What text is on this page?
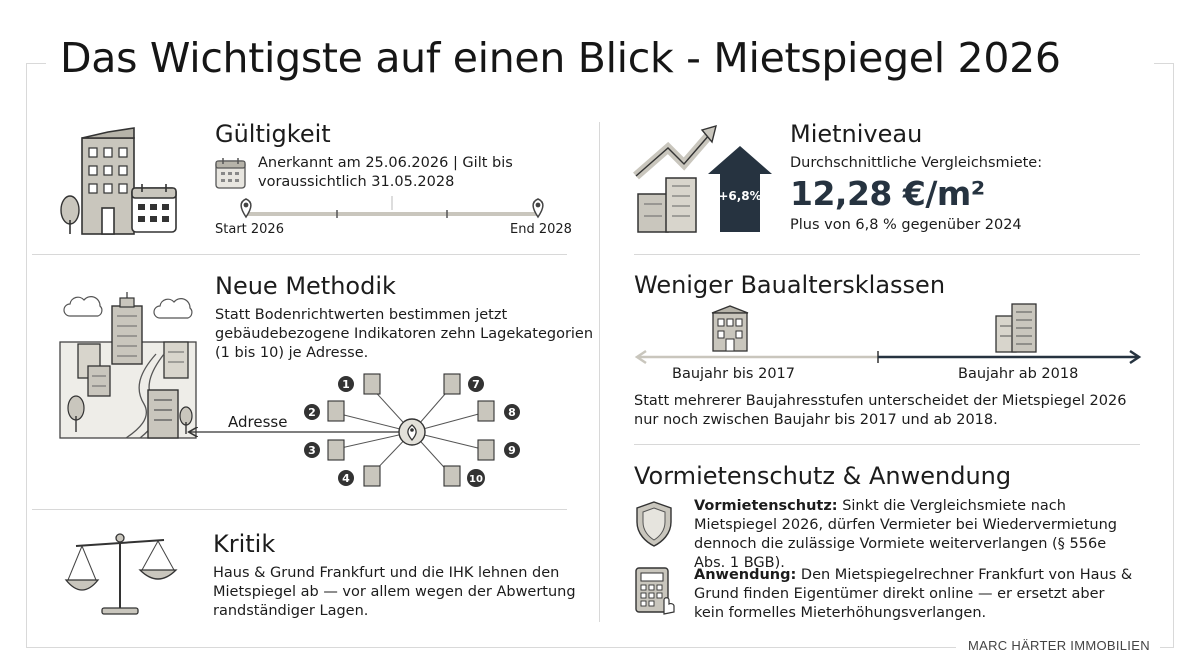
Das Wichtigste auf einen Blick - Mietspiegel 2026
Gültigkeit
Anerkannt am 25.06.2026 | Gilt bis voraussichtlich 31.05.2028
Start 2026	End 2028
+6,8%
Mietniveau
Durchschnittliche Vergleichsmiete:
12,28 €/m²
Plus von 6,8 % gegenüber 2024
Neue Methodik
Statt Bodenrichtwerten bestimmen jetzt gebäudebezogene Indikatoren zehn Lagekategorien (1 bis 10) je Adresse.
1
2
3
4
7
8
9
10
Adresse
Weniger Baualtersklassen
Baujahr bis 2017	Baujahr ab 2018
Statt mehrerer Baujahresstufen unterscheidet der Mietspiegel 2026 nur noch zwischen Baujahr bis 2017 und ab 2018.
Kritik
Haus & Grund Frankfurt und die IHK lehnen den Mietspiegel ab — vor allem wegen der Abwertung randständiger Lagen.
Vormietenschutz & Anwendung
Vormietenschutz: Sinkt die Vergleichsmiete nach Mietspiegel 2026, dürfen Vermieter bei Wiedervermietung dennoch die zulässige Vormiete weiterverlangen (§ 556e Abs. 1 BGB).
Anwendung: Den Mietspiegelrechner Frankfurt von Haus & Grund finden Eigentümer direkt online — er ersetzt aber kein formelles Mieterhöhungsverlangen.
MARC HÄRTER IMMOBILIEN
